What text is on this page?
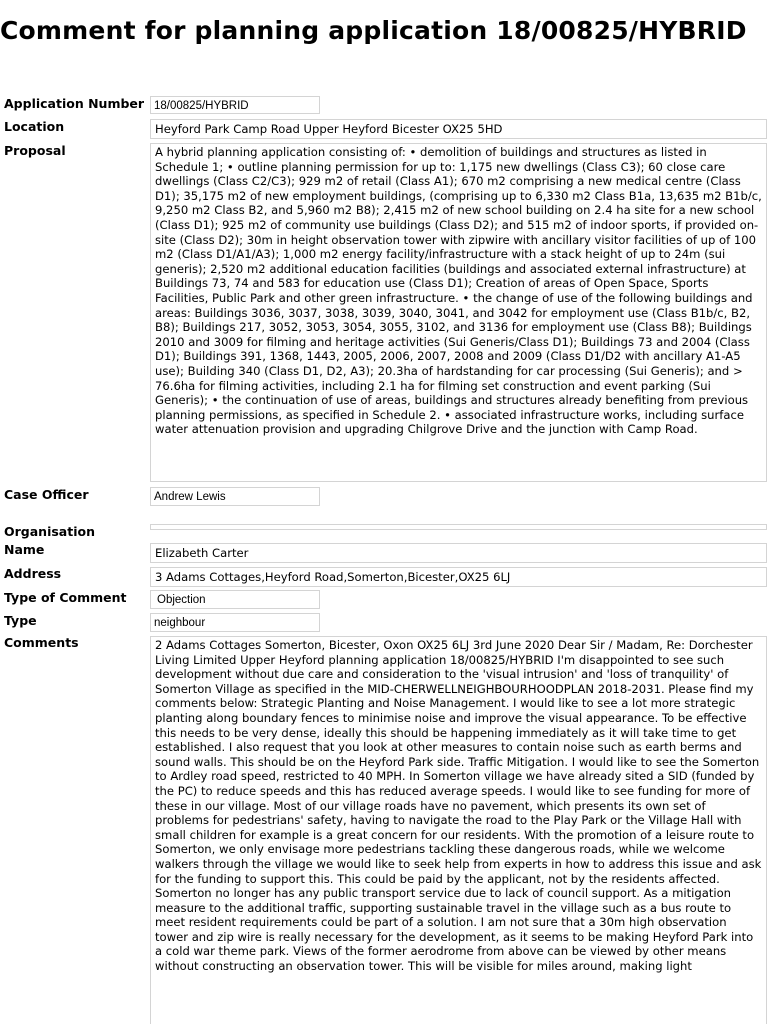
Comment for planning application 18/00825/HYBRID
Application Number 18/00825/HYBRID
Location	Heyford Park Camp Road Upper Heyford Bicester OX25 5HD
Proposal	A hybrid planning application consisting of: • demolition of buildings and structures as listed in Schedule 1; • outline planning permission for up to: 1,175 new dwellings (Class C3); 60 close care dwellings (Class C2/C3); 929 m2 of retail (Class A1); 670 m2 comprising a new medical centre (Class D1); 35,175 m2 of new employment buildings, (comprising up to 6,330 m2 Class B1a, 13,635 m2 B1b/c, 9,250 m2 Class B2, and 5,960 m2 B8); 2,415 m2 of new school building on 2.4 ha site for a new school (Class D1); 925 m2 of community use buildings (Class D2); and 515 m2 of indoor sports, if provided on-site (Class D2); 30m in height observation tower with zipwire with ancillary visitor facilities of up of 100 m2 (Class D1/A1/A3); 1,000 m2 energy facility/infrastructure with a stack height of up to 24m (sui generis); 2,520 m2 additional education facilities (buildings and associated external infrastructure) at Buildings 73, 74 and 583 for education use (Class D1); Creation of areas of Open Space, Sports Facilities, Public Park and other green infrastructure. • the change of use of the following buildings and areas: Buildings 3036, 3037, 3038, 3039, 3040, 3041, and 3042 for employment use (Class B1b/c, B2, B8); Buildings 217, 3052, 3053, 3054, 3055, 3102, and 3136 for employment use (Class B8); Buildings 2010 and 3009 for filming and heritage activities (Sui Generis/Class D1); Buildings 73 and 2004 (Class D1); Buildings 391, 1368, 1443, 2005, 2006, 2007, 2008 and 2009 (Class D1/D2 with ancillary A1-A5 use); Building 340 (Class D1, D2, A3); 20.3ha of hardstanding for car processing (Sui Generis); and > 76.6ha for filming activities, including 2.1 ha for filming set construction and event parking (Sui Generis); • the continuation of use of areas, buildings and structures already benefiting from previous planning permissions, as specified in Schedule 2. • associated infrastructure works, including surface water attenuation provision and upgrading Chilgrove Drive and the junction with Camp Road.
Case Officer	Andrew Lewis
Organisation
Name	Elizabeth Carter
Address	3 Adams Cottages,Heyford Road,Somerton,Bicester,OX25 6LJ
Type of Comment	Objection
Type	neighbour
Comments	2 Adams Cottages Somerton, Bicester, Oxon OX25 6LJ 3rd June 2020 Dear Sir / Madam, Re: Dorchester Living Limited Upper Heyford planning application 18/00825/HYBRID I'm disappointed to see such development without due care and consideration to the 'visual intrusion' and 'loss of tranquility' of Somerton Village as specified in the MID-CHERWELLNEIGHBOURHOODPLAN 2018-2031. Please find my comments below: Strategic Planting and Noise Management. I would like to see a lot more strategic planting along boundary fences to minimise noise and improve the visual appearance. To be effective this needs to be very dense, ideally this should be happening immediately as it will take time to get established. I also request that you look at other measures to contain noise such as earth berms and sound walls. This should be on the Heyford Park side. Traffic Mitigation. I would like to see the Somerton to Ardley road speed, restricted to 40 MPH. In Somerton village we have already sited a SID (funded by the PC) to reduce speeds and this has reduced average speeds. I would like to see funding for more of these in our village. Most of our village roads have no pavement, which presents its own set of problems for pedestrians' safety, having to navigate the road to the Play Park or the Village Hall with small children for example is a great concern for our residents. With the promotion of a leisure route to Somerton, we only envisage more pedestrians tackling these dangerous roads, while we welcome walkers through the village we would like to seek help from experts in how to address this issue and ask for the funding to support this. This could be paid by the applicant, not by the residents affected. Somerton no longer has any public transport service due to lack of council support. As a mitigation measure to the additional traffic, supporting sustainable travel in the village such as a bus route to meet resident requirements could be part of a solution. I am not sure that a 30m high observation tower and zip wire is really necessary for the development, as it seems to be making Heyford Park into a cold war theme park. Views of the former aerodrome from above can be viewed by other means without constructing an observation tower. This will be visible for miles around, making light
